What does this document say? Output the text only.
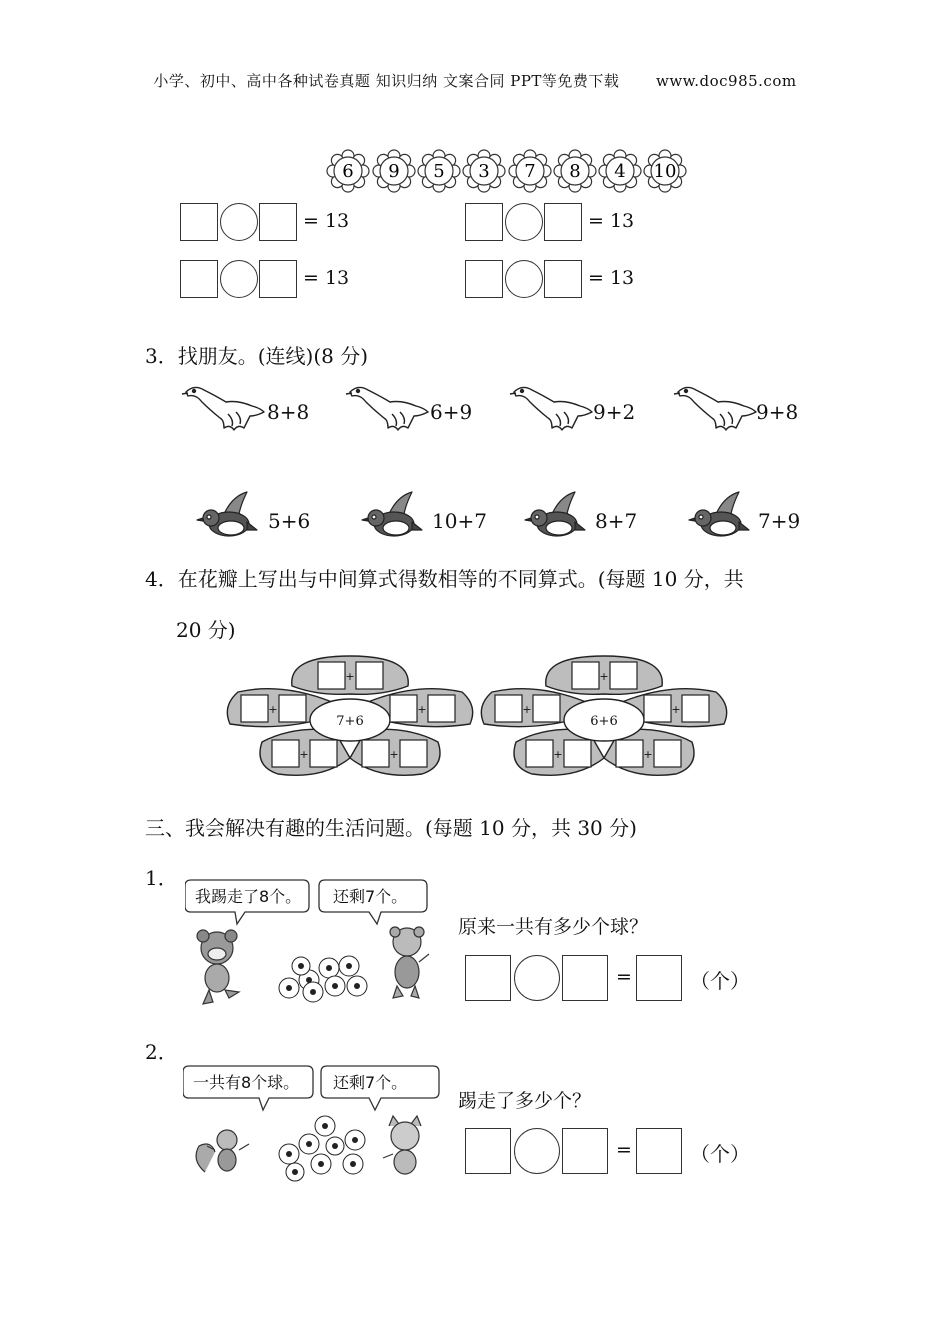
小学、初中、高中各种试卷真题 知识归纳 文案合同 PPT等免费下载 www.doc985.com
6 9 5 3 7 8 4 10
= 13	= 13
= 13	= 13
3．找朋友。(连线)(8 分)
8+8	6+9	9+2	9+8
5+6	10+7	8+7	7+9
4．在花瓣上写出与中间算式得数相等的不同算式。(每题 10 分，共
20 分)
+
+	+
+	+
+
+	+
+	+
7+6	6+6
三、我会解决有趣的生活问题。(每题 10 分，共 30 分)
1．
我踢走了8个。 还剩7个。
原来一共有多少个球？
=	（个）
2．
一共有8个球。 还剩7个。
踢走了多少个？
=	（个）
